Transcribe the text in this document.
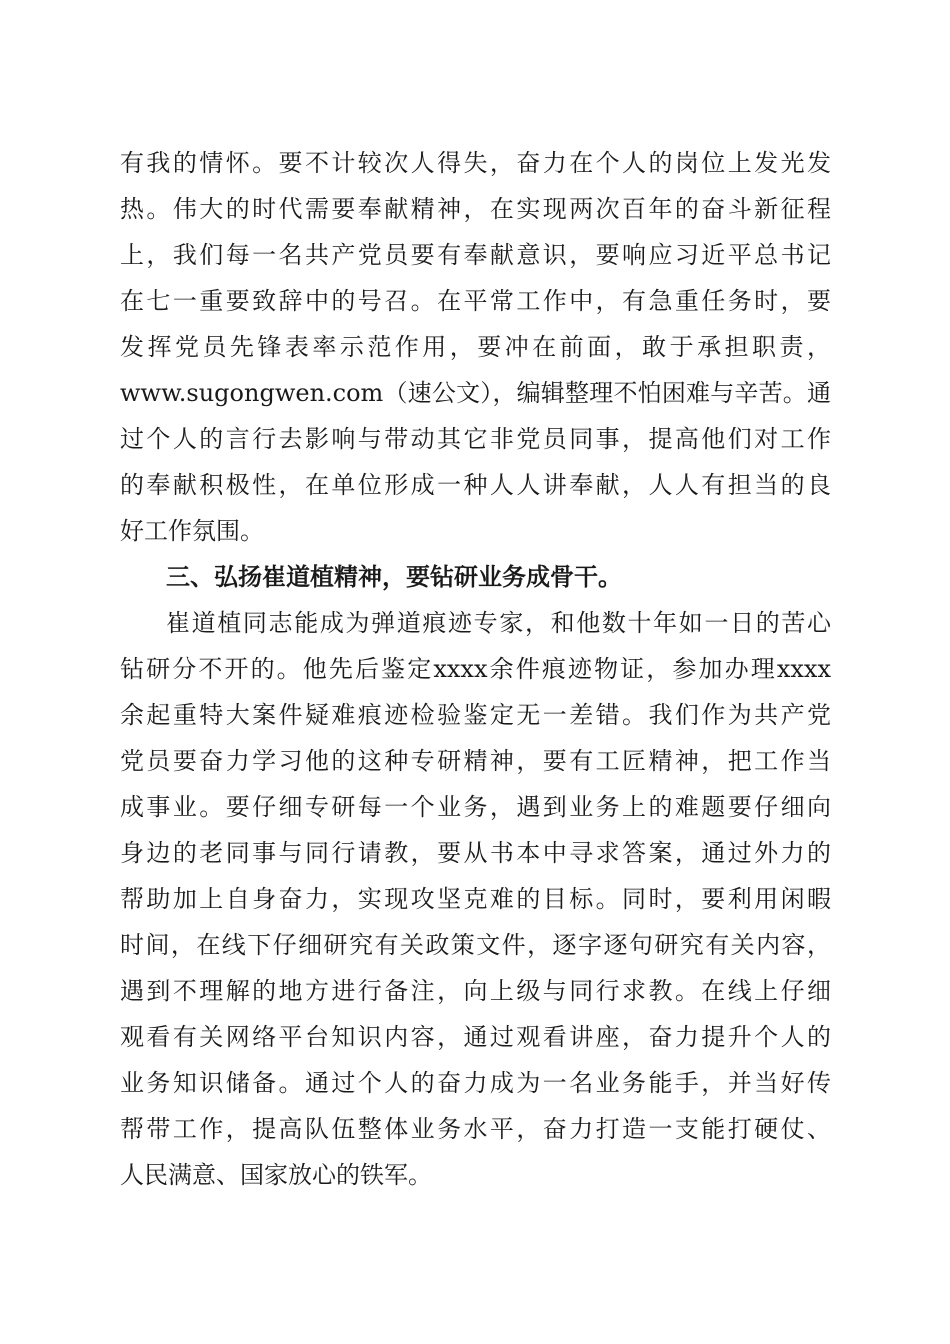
有我的情怀。要不计较次人得失，奋力在个人的岗位上发光发
热。伟大的时代需要奉献精神，在实现两次百年的奋斗新征程
上，我们每一名共产党员要有奉献意识，要响应习近平总书记
在七一重要致辞中的号召。在平常工作中，有急重任务时，要
发挥党员先锋表率示范作用，要冲在前面，敢于承担职责，
www.sugongwen.com（速公文），编辑整理不怕困难与辛苦。通
过个人的言行去影响与带动其它非党员同事，提高他们对工作
的奉献积极性，在单位形成一种人人讲奉献，人人有担当的良
好工作氛围。
三、弘扬崔道植精神，要钻研业务成骨干。
崔道植同志能成为弹道痕迹专家，和他数十年如一日的苦心
钻研分不开的。他先后鉴定xxxx余件痕迹物证，参加办理xxxx
余起重特大案件疑难痕迹检验鉴定无一差错。我们作为共产党
党员要奋力学习他的这种专研精神，要有工匠精神，把工作当
成事业。要仔细专研每一个业务，遇到业务上的难题要仔细向
身边的老同事与同行请教，要从书本中寻求答案，通过外力的
帮助加上自身奋力，实现攻坚克难的目标。同时，要利用闲暇
时间，在线下仔细研究有关政策文件，逐字逐句研究有关内容，
遇到不理解的地方进行备注，向上级与同行求教。在线上仔细
观看有关网络平台知识内容，通过观看讲座，奋力提升个人的
业务知识储备。通过个人的奋力成为一名业务能手，并当好传
帮带工作，提高队伍整体业务水平，奋力打造一支能打硬仗、
人民满意、国家放心的铁军。
